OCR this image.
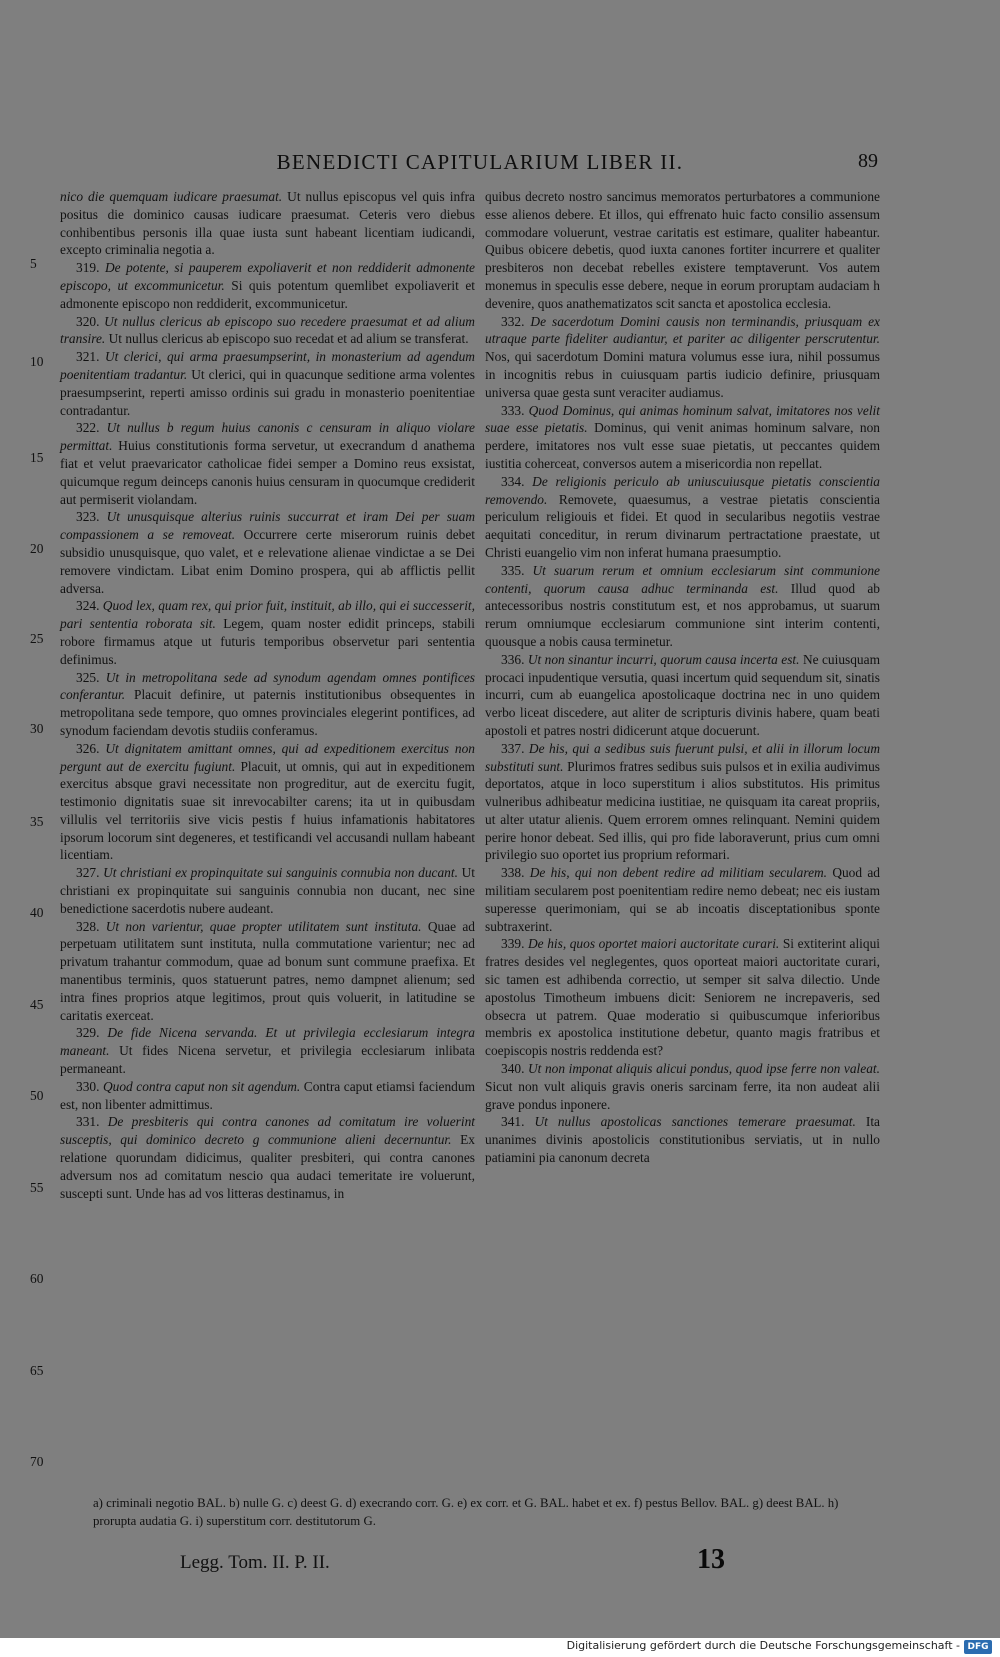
BENEDICTI CAPITULARIUM LIBER II.	89
5
10
15
20
25
30
35
40
45
50
55
60
65
70

nico die quemquam iudicare praesumat. Ut nullus episcopus vel quis infra positus die dominico causas iudicare praesumat. Ceteris vero diebus conhibentibus personis illa quae iusta sunt habeant licentiam iudicandi, excepto criminalia negotia a.

319. De potente, si pauperem expoliaverit et non reddiderit admonente episcopo, ut excommunicetur. Si quis potentum quemlibet expoliaverit et admonente episcopo non reddiderit, excommunicetur.

320. Ut nullus clericus ab episcopo suo recedere praesumat et ad alium transire. Ut nullus clericus ab episcopo suo recedat et ad alium se transferat.

321. Ut clerici, qui arma praesumpserint, in monasterium ad agendum poenitentiam tradantur. Ut clerici, qui in quacunque seditione arma volentes praesumpserint, reperti amisso ordinis sui gradu in monasterio poenitentiae contradantur.

322. Ut nullus b regum huius canonis c censuram in aliquo violare permittat. Huius constitutionis forma servetur, ut execrandum d anathema fiat et velut praevaricator catholicae fidei semper a Domino reus exsistat, quicumque regum deinceps canonis huius censuram in quocumque crediderit aut permiserit violandam.

323. Ut unusquisque alterius ruinis succurrat et iram Dei per suam compassionem a se removeat. Occurrere certe miserorum ruinis debet subsidio unusquisque, quo valet, et e relevatione alienae vindictae a se Dei removere vindictam. Libat enim Domino prospera, qui ab afflictis pellit adversa.

324. Quod lex, quam rex, qui prior fuit, instituit, ab illo, qui ei successerit, pari sententia roborata sit. Legem, quam noster edidit princeps, stabili robore firmamus atque ut futuris temporibus observetur pari sententia definimus.

325. Ut in metropolitana sede ad synodum agendam omnes pontifices conferantur. Placuit definire, ut paternis institutionibus obsequentes in metropolitana sede tempore, quo omnes provinciales elegerint pontifices, ad synodum faciendam devotis studiis conferamus.

326. Ut dignitatem amittant omnes, qui ad expeditionem exercitus non pergunt aut de exercitu fugiunt. Placuit, ut omnis, qui aut in expeditionem exercitus absque gravi necessitate non progreditur, aut de exercitu fugit, testimonio dignitatis suae sit inrevocabilter carens; ita ut in quibusdam villulis vel territoriis sive vicis pestis f huius infamationis habitatores ipsorum locorum sint degeneres, et testificandi vel accusandi nullam habeant licentiam.

327. Ut christiani ex propinquitate sui sanguinis connubia non ducant. Ut christiani ex propinquitate sui sanguinis connubia non ducant, nec sine benedictione sacerdotis nubere audeant.

328. Ut non varientur, quae propter utilitatem sunt instituta. Quae ad perpetuam utilitatem sunt instituta, nulla commutatione varientur; nec ad privatum trahantur commodum, quae ad bonum sunt commune praefixa. Et manentibus terminis, quos statuerunt patres, nemo dampnet alienum; sed intra fines proprios atque legitimos, prout quis voluerit, in latitudine se caritatis exerceat.

329. De fide Nicena servanda. Et ut privilegia ecclesiarum integra maneant. Ut fides Nicena servetur, et privilegia ecclesiarum inlibata permaneant.

330. Quod contra caput non sit agendum. Contra caput etiamsi faciendum est, non libenter admittimus.

331. De presbiteris qui contra canones ad comitatum ire voluerint susceptis, qui dominico decreto g communione alieni decernuntur. Ex relatione quorundam didicimus, qualiter presbiteri, qui contra canones adversum nos ad comitatum nescio qua audaci temeritate ire voluerunt, suscepti sunt. Unde has ad vos litteras destinamus, in

quibus decreto nostro sancimus memoratos perturbatores a communione esse alienos debere. Et illos, qui effrenato huic facto consilio assensum commodare voluerunt, vestrae caritatis est estimare, qualiter habeantur. Quibus obicere debetis, quod iuxta canones fortiter incurrere et qualiter presbiteros non decebat rebelles existere temptaverunt. Vos autem monemus in speculis esse debere, neque in eorum proruptam audaciam h devenire, quos anathematizatos scit sancta et apostolica ecclesia.

332. De sacerdotum Domini causis non terminandis, priusquam ex utraque parte fideliter audiantur, et pariter ac diligenter perscrutentur. Nos, qui sacerdotum Domini matura volumus esse iura, nihil possumus in incognitis rebus in cuiusquam partis iudicio definire, priusquam universa quae gesta sunt veraciter audiamus.

333. Quod Dominus, qui animas hominum salvat, imitatores nos velit suae esse pietatis. Dominus, qui venit animas hominum salvare, non perdere, imitatores nos vult esse suae pietatis, ut peccantes quidem iustitia coherceat, conversos autem a misericordia non repellat.

334. De religionis periculo ab uniuscuiusque pietatis conscientia removendo. Removete, quaesumus, a vestrae pietatis conscientia periculum religiouis et fidei. Et quod in secularibus negotiis vestrae aequitati conceditur, in rerum divinarum pertractatione praestate, ut Christi euangelio vim non inferat humana praesumptio.

335. Ut suarum rerum et omnium ecclesiarum sint communione contenti, quorum causa adhuc terminanda est. Illud quod ab antecessoribus nostris constitutum est, et nos approbamus, ut suarum rerum omniumque ecclesiarum communione sint interim contenti, quousque a nobis causa terminetur.

336. Ut non sinantur incurri, quorum causa incerta est. Ne cuiusquam procaci inpudentique versutia, quasi incertum quid sequendum sit, sinatis incurri, cum ab euangelica apostolicaque doctrina nec in uno quidem verbo liceat discedere, aut aliter de scripturis divinis habere, quam beati apostoli et patres nostri didicerunt atque docuerunt.

337. De his, qui a sedibus suis fuerunt pulsi, et alii in illorum locum substituti sunt. Plurimos fratres sedibus suis pulsos et in exilia audivimus deportatos, atque in loco superstitum i alios substitutos. His primitus vulneribus adhibeatur medicina iustitiae, ne quisquam ita careat propriis, ut alter utatur alienis. Quem errorem omnes relinquant. Nemini quidem perire honor debeat. Sed illis, qui pro fide laboraverunt, prius cum omni privilegio suo oportet ius proprium reformari.

338. De his, qui non debent redire ad militiam secularem. Quod ad militiam secularem post poenitentiam redire nemo debeat; nec eis iustam superesse querimoniam, qui se ab incoatis disceptationibus sponte subtraxerint.

339. De his, quos oportet maiori auctoritate curari. Si extiterint aliqui fratres desides vel neglegentes, quos oporteat maiori auctoritate curari, sic tamen est adhibenda correctio, ut semper sit salva dilectio. Unde apostolus Timotheum imbuens dicit: Seniorem ne increpaveris, sed obsecra ut patrem. Quae moderatio si quibuscumque inferioribus membris ex apostolica institutione debetur, quanto magis fratribus et coepiscopis nostris reddenda est?

340. Ut non imponat aliquis alicui pondus, quod ipse ferre non valeat. Sicut non vult aliquis gravis oneris sarcinam ferre, ita non audeat alii grave pondus inponere.

341. Ut nullus apostolicas sanctiones temerare praesumat. Ita unanimes divinis apostolicis constitutionibus serviatis, ut in nullo patiamini pia canonum decreta

a) criminali negotio BAL. b) nulle G. c) deest G. d) execrando corr. G. e) ex corr. et G. BAL. habet et ex. f) pestus Bellov. BAL. g) deest BAL. h) prorupta audatia G. i) superstitum corr. destitutorum G.
Legg. Tom. II. P. II.	13
Digitalisierung gefördert durch die Deutsche Forschungsgemeinschaft - DFG
